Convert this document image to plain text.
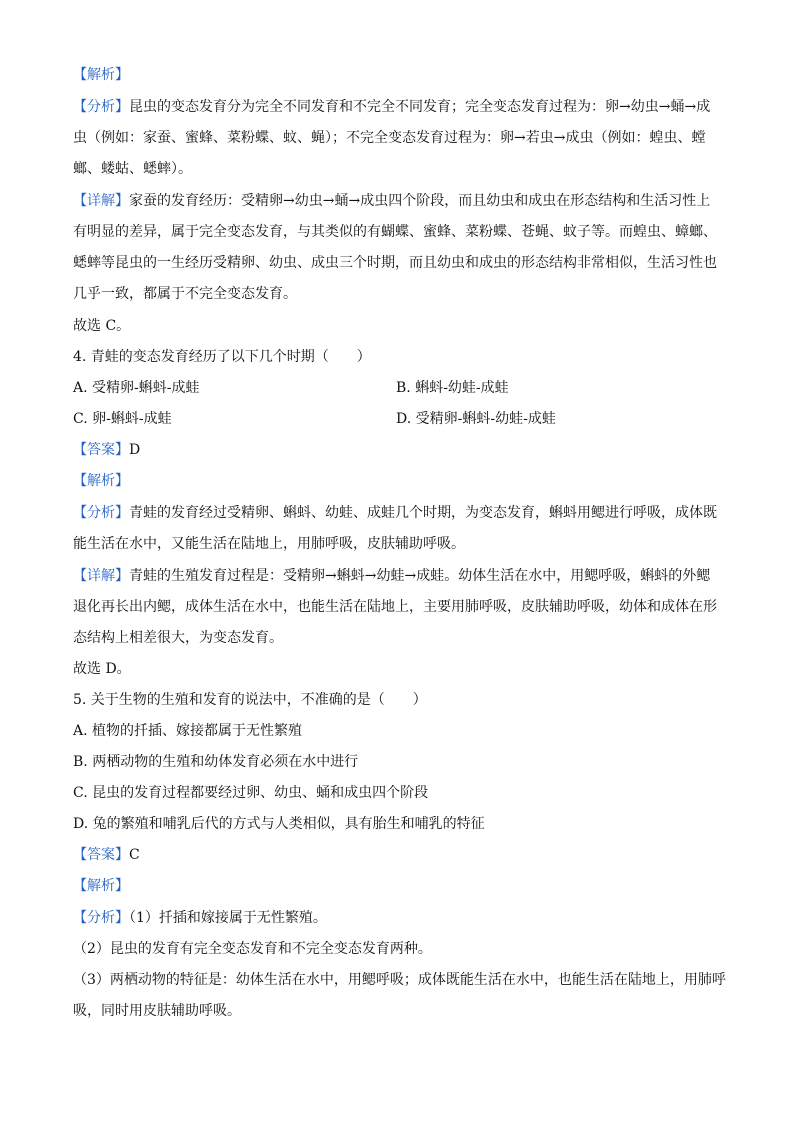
【解析】
【分析】昆虫的变态发育分为完全不同发育和不完全不同发育；完全变态发育过程为：卵→幼虫→蛹→成
虫（例如：家蚕、蜜蜂、菜粉蝶、蚊、蝇）；不完全变态发育过程为：卵→若虫→成虫（例如：蝗虫、螳
螂、蝼蛄、蟋蟀）。
【详解】家蚕的发育经历：受精卵→幼虫→蛹→成虫四个阶段，而且幼虫和成虫在形态结构和生活习性上
有明显的差异，属于完全变态发育，与其类似的有蝴蝶、蜜蜂、菜粉蝶、苍蝇、蚊子等。而蝗虫、蟑螂、
蟋蟀等昆虫的一生经历受精卵、幼虫、成虫三个时期，而且幼虫和成虫的形态结构非常相似，生活习性也
几乎一致，都属于不完全变态发育。
故选 C。
4. 青蛙的变态发育经历了以下几个时期（　　）
A. 受精卵-蝌蚪-成蛙	B. 蝌蚪-幼蛙-成蛙
C. 卵-蝌蚪-成蛙	D. 受精卵-蝌蚪-幼蛙-成蛙
【答案】D
【解析】
【分析】青蛙的发育经过受精卵、蝌蚪、幼蛙、成蛙几个时期，为变态发育，蝌蚪用鳃进行呼吸，成体既
能生活在水中，又能生活在陆地上，用肺呼吸，皮肤辅助呼吸。
【详解】青蛙的生殖发育过程是：受精卵→蝌蚪→幼蛙→成蛙。幼体生活在水中，用鳃呼吸，蝌蚪的外鳃
退化再长出内鳃，成体生活在水中，也能生活在陆地上，主要用肺呼吸，皮肤辅助呼吸，幼体和成体在形
态结构上相差很大，为变态发育。
故选 D。
5. 关于生物的生殖和发育的说法中，不准确的是（　　）
A. 植物的扦插、嫁接都属于无性繁殖
B. 两栖动物的生殖和幼体发育必须在水中进行
C. 昆虫的发育过程都要经过卵、幼虫、蛹和成虫四个阶段
D. 兔的繁殖和哺乳后代的方式与人类相似，具有胎生和哺乳的特征
【答案】C
【解析】
【分析】（1）扦插和嫁接属于无性繁殖。
（2）昆虫的发育有完全变态发育和不完全变态发育两种。
（3）两栖动物的特征是：幼体生活在水中，用鳃呼吸；成体既能生活在水中，也能生活在陆地上，用肺呼
吸，同时用皮肤辅助呼吸。
